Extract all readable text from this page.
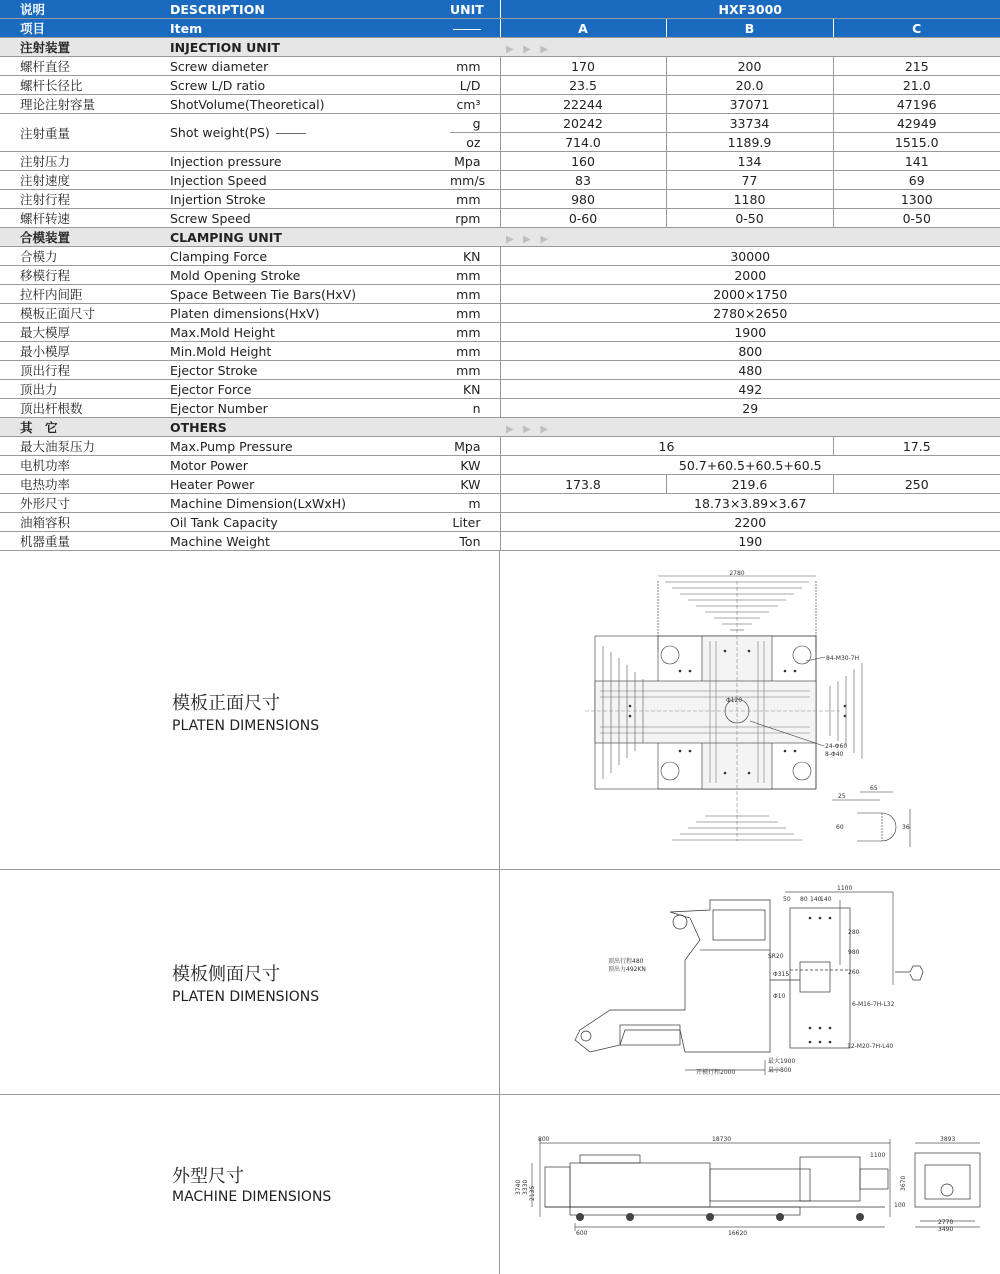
说明	DESCRIPTION	UNIT	HXF3000		
项目	Item		A	B	C
注射装置	INJECTION UNIT		▶ ▶ ▶		
螺杆直径	Screw diameter	mm	170	200	215
螺杆长径比	Screw L/D ratio	L/D	23.5	20.0	21.0
理论注射容量	ShotVolume(Theoretical)	cm³	22244	37071	47196
注射重量	Shot weight(PS)	g	20242	33734	42949
		oz	714.0	1189.9	1515.0
注射压力	Injection pressure	Mpa	160	134	141
注射速度	Injection Speed	mm/s	83	77	69
注射行程	Injertion Stroke	mm	980	1180	1300
螺杆转速	Screw Speed	rpm	0-60	0-50	0-50
合模装置	CLAMPING UNIT		▶ ▶ ▶		
合模力	Clamping Force	KN	30000		
移模行程	Mold Opening Stroke	mm	2000		
拉杆内间距	Space Between Tie Bars(HxV)	mm	2000×1750		
模板正面尺寸	Platen dimensions(HxV)	mm	2780×2650		
最大模厚	Max.Mold Height	mm	1900		
最小模厚	Min.Mold Height	mm	800		
顶出行程	Ejector Stroke	mm	480		
顶出力	Ejector Force	KN	492		
顶出杆根数	Ejector Number	n	29		
其　它	OTHERS		▶ ▶ ▶		
最大油泵压力	Max.Pump Pressure	Mpa	16		17.5
电机功率	Motor Power	KW	50.7+60.5+60.5+60.5		
电热功率	Heater Power	KW	173.8	219.6	250
外形尺寸	Machine Dimension(LxWxH)	m	18.73×3.89×3.67		
油箱容积	Oil Tank Capacity	Liter	2200		
机器重量	Machine Weight	Ton	190		
模板正面尺寸
PLATEN DIMENSIONS
2780
84-M30-7H
24-Φ60
8-Φ40
Φ120
25
65
60	36
模板侧面尺寸
PLATEN DIMENSIONS
1100
50 80 140
140
顶出行程480
顶出力492KN
SR20
Φ315
Φ10
6-M16-7H-L32
12-M20-7H-L40
最大1900
最小800
开模行程2000
280
980
260
外型尺寸
MACHINE DIMENSIONS
18730
800
1100
16620
600
3740 3330 2135
3893
3670
100
2770
3490
